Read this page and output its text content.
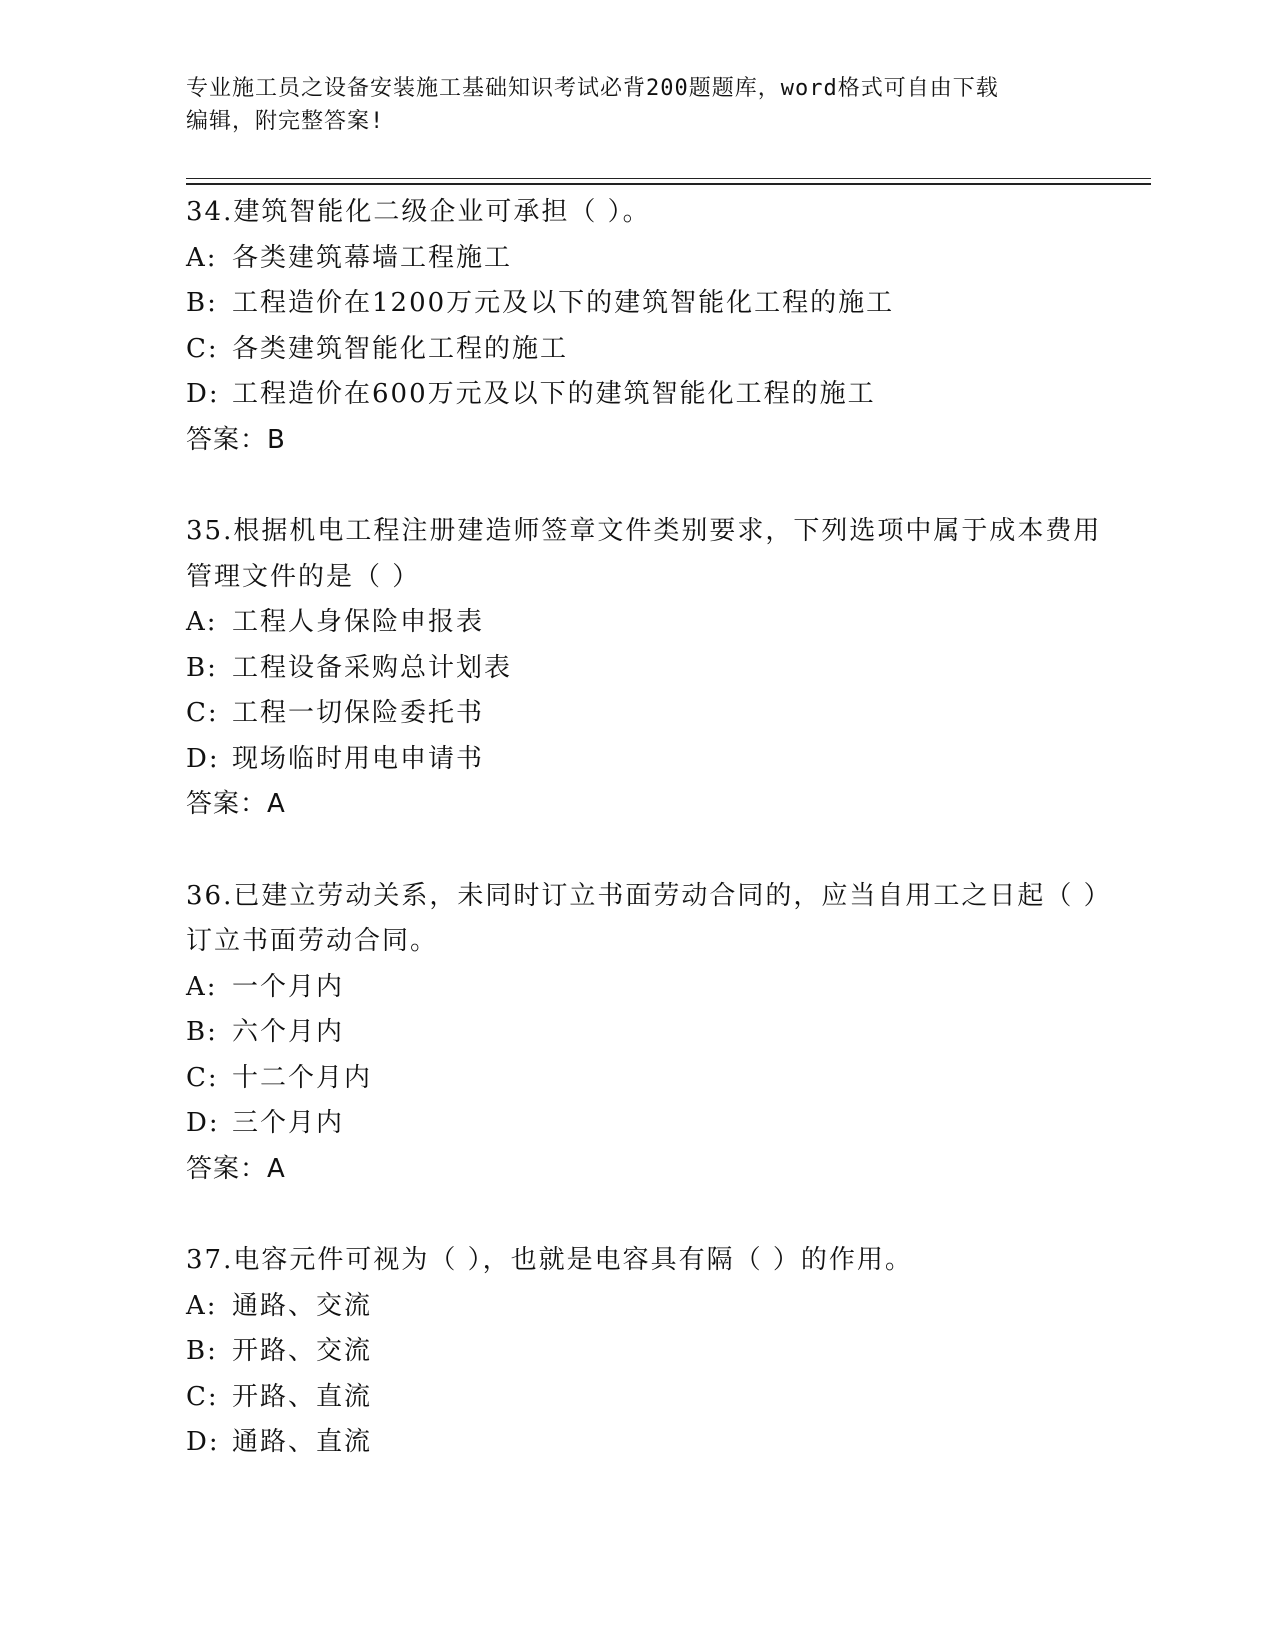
专业施工员之设备安装施工基础知识考试必背200题题库，word格式可自由下载
编辑，附完整答案!
34.建筑智能化二级企业可承担（ ）。
A: 各类建筑幕墙工程施工
B: 工程造价在1200万元及以下的建筑智能化工程的施工
C: 各类建筑智能化工程的施工
D: 工程造价在600万元及以下的建筑智能化工程的施工
答案：B
35.根据机电工程注册建造师签章文件类别要求，下列选项中属于成本费用管理文件的是（ ）
A: 工程人身保险申报表
B: 工程设备采购总计划表
C: 工程一切保险委托书
D: 现场临时用电申请书
答案：A
36.已建立劳动关系，未同时订立书面劳动合同的，应当自用工之日起（ ）订立书面劳动合同。
A: 一个月内
B: 六个月内
C: 十二个月内
D: 三个月内
答案：A
37.电容元件可视为（ ），也就是电容具有隔（ ）的作用。
A: 通路、交流
B: 开路、交流
C: 开路、直流
D: 通路、直流
